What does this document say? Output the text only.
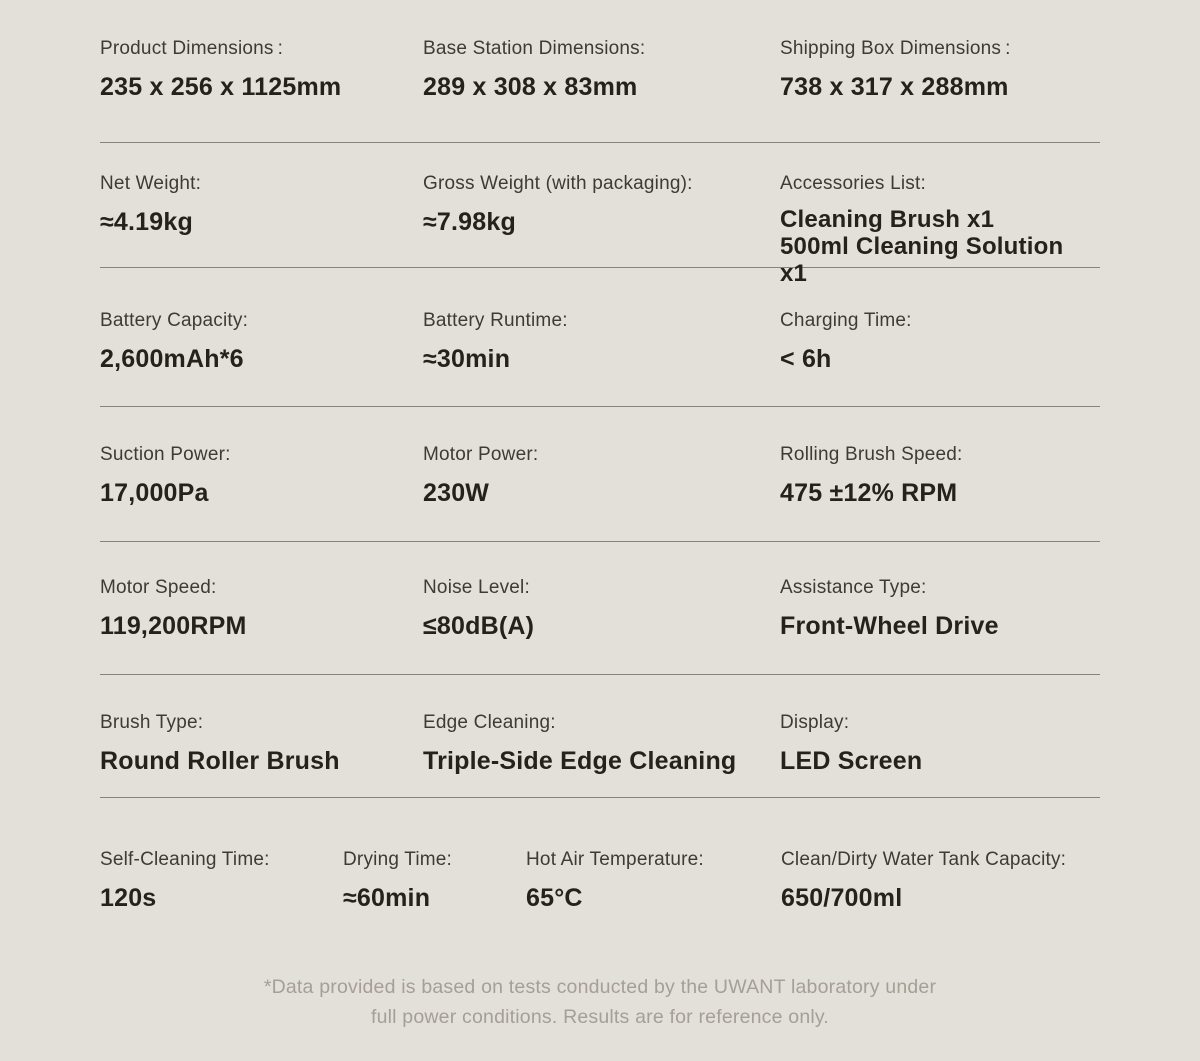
Product Dimensions :
235 x 256 x 1125mm
Base Station Dimensions:
289 x 308 x 83mm
Shipping Box Dimensions :
738 x 317 x 288mm
Net Weight:
≈4.19kg
Gross Weight (with packaging):
≈7.98kg
Accessories List:
Cleaning Brush x1
500ml Cleaning Solution x1
Battery Capacity:
2,600mAh*6
Battery Runtime:
≈30min
Charging Time:
< 6h
Suction Power:
17,000Pa
Motor Power:
230W
Rolling Brush Speed:
475 ±12% RPM
Motor Speed:
119,200RPM
Noise Level:
≤80dB(A)
Assistance Type:
Front-Wheel Drive
Brush Type:
Round Roller Brush
Edge Cleaning:
Triple-Side Edge Cleaning
Display:
LED Screen
Self-Cleaning Time:
120s
Drying Time:
≈60min
Hot Air Temperature:
65°C
Clean/Dirty Water Tank Capacity:
650/700ml
*Data provided is based on tests conducted by the UWANT laboratory under
full power conditions. Results are for reference only.
